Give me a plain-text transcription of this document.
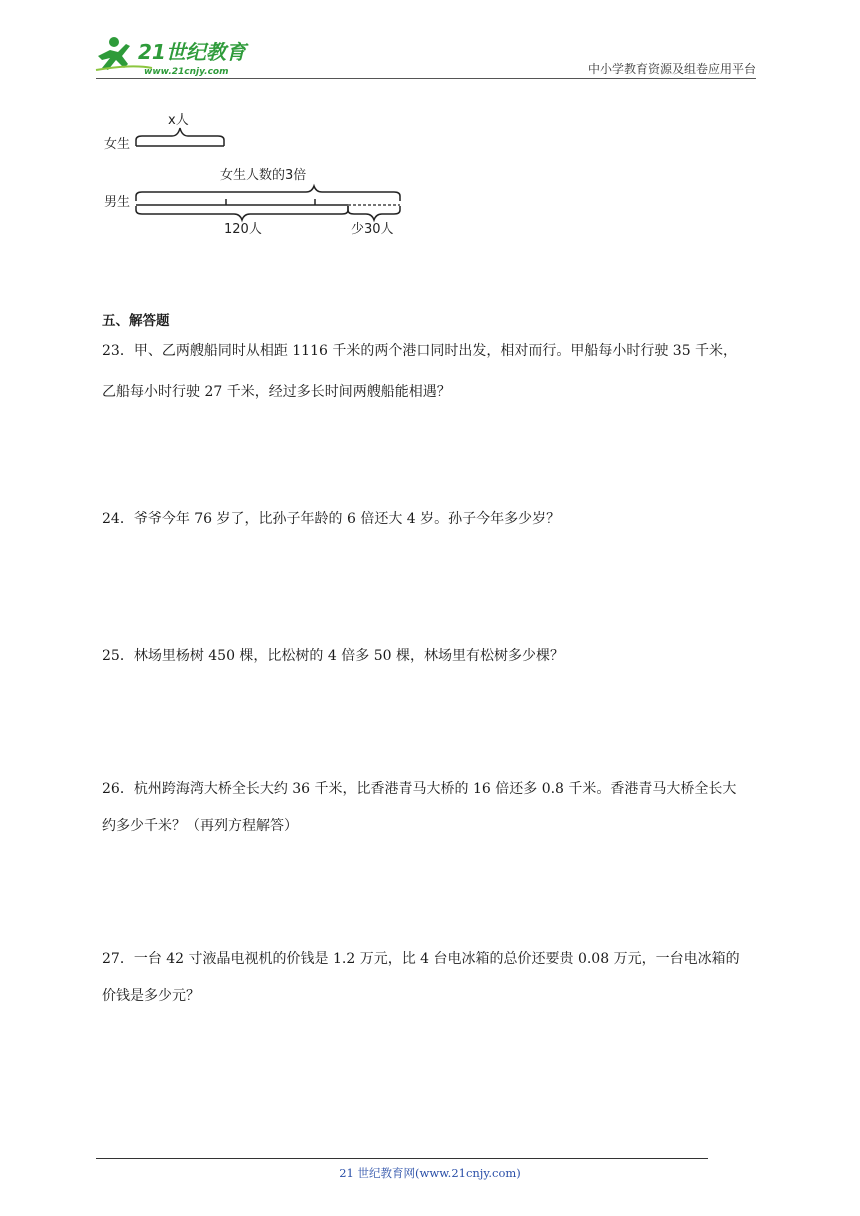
21世纪教育
www.21cnjy.com	中小学教育资源及组卷应用平台
女生
x人
女生人数的3倍
男生
120人	少30人
五、解答题

23．甲、乙两艘船同时从相距 1116 千米的两个港口同时出发，相对而行。甲船每小时行驶 35 千米，

乙船每小时行驶 27 千米，经过多长时间两艘船能相遇？

24．爷爷今年 76 岁了，比孙子年龄的 6 倍还大 4 岁。孙子今年多少岁？

25．林场里杨树 450 棵，比松树的 4 倍多 50 棵，林场里有松树多少棵？

26．杭州跨海湾大桥全长大约 36 千米，比香港青马大桥的 16 倍还多 0.8 千米。香港青马大桥全长大

约多少千米？（再列方程解答）

27．一台 42 寸液晶电视机的价钱是 1.2 万元，比 4 台电冰箱的总价还要贵 0.08 万元，一台电冰箱的

价钱是多少元？

21 世纪教育网(www.21cnjy.com)
